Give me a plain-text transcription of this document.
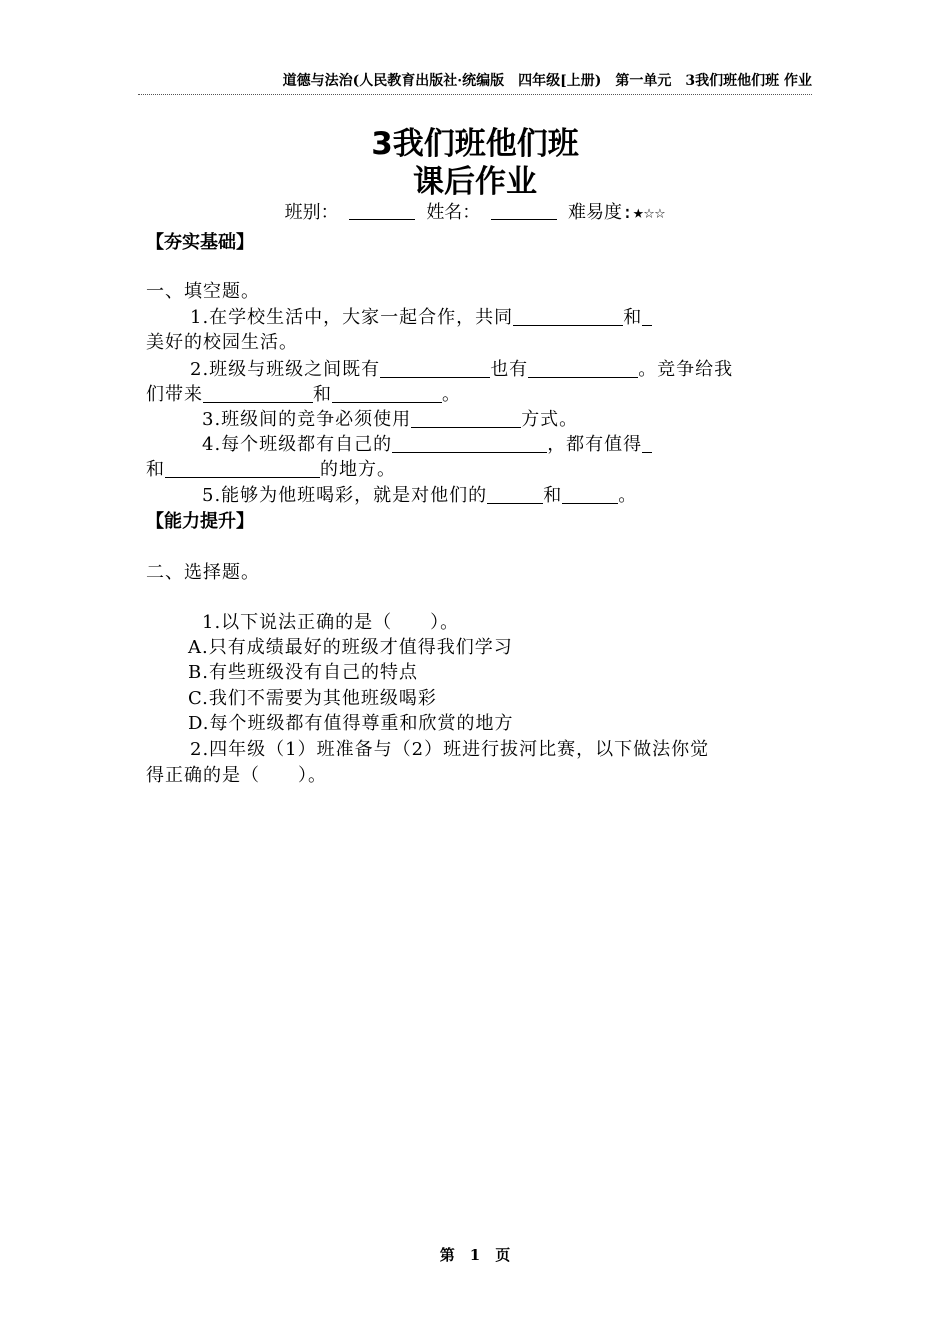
道德与法治(人民教育出版社·统编版　四年级[上册)　第一单元　3我们班他们班 作业
3我们班他们班
课后作业
班别：	姓名：	难易度:★☆☆
【夯实基础】
一、填空题。
1.在学校生活中，大家一起合作，共同	和
美好的校园生活。
2.班级与班级之间既有	也有	。竞争给我
们带来	和	。
3.班级间的竞争必须使用	方式。
4.每个班级都有自己的	，都有值得
和	的地方。
5.能够为他班喝彩，就是对他们的	和	。
【能力提升】
二、选择题。
1.以下说法正确的是（　　）。
A.只有成绩最好的班级才值得我们学习
B.有些班级没有自己的特点
C.我们不需要为其他班级喝彩
D.每个班级都有值得尊重和欣赏的地方
2.四年级（1）班准备与（2）班进行拔河比赛，以下做法你觉
得正确的是（　　）。
第　1　页
